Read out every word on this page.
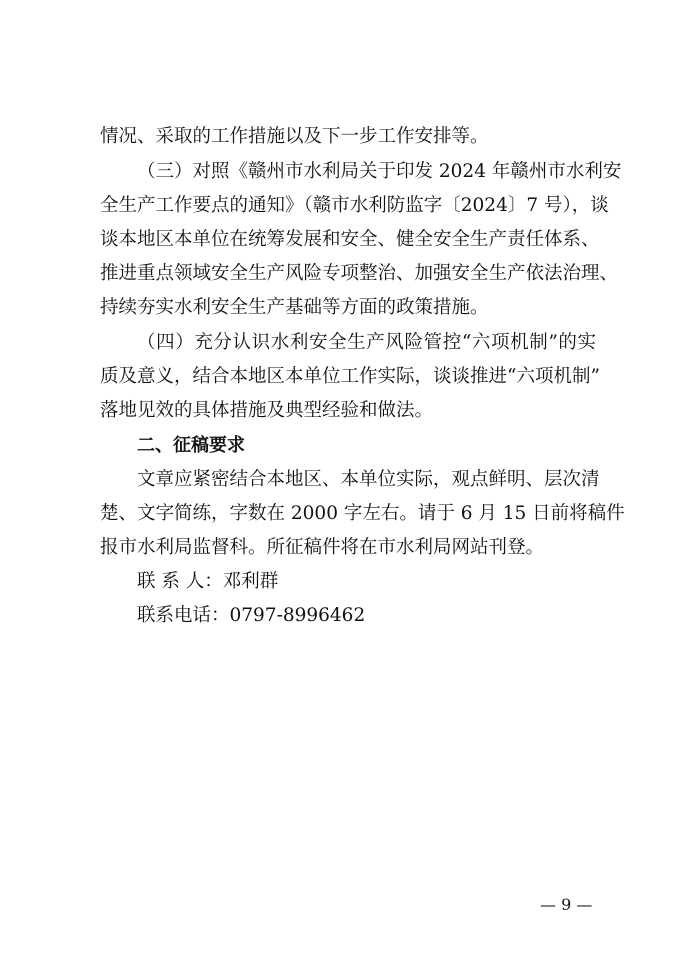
情况、采取的工作措施以及下一步工作安排等。
（三）对照《赣州市水利局关于印发 2024 年赣州市水利安
全生产工作要点的通知》（赣市水利防监字〔2024〕7 号），谈
谈本地区本单位在统筹发展和安全、健全安全生产责任体系、
推进重点领域安全生产风险专项整治、加强安全生产依法治理、
持续夯实水利安全生产基础等方面的政策措施。
（四）充分认识水利安全生产风险管控“六项机制”的实
质及意义，结合本地区本单位工作实际，谈谈推进“六项机制”
落地见效的具体措施及典型经验和做法。
二、征稿要求
文章应紧密结合本地区、本单位实际，观点鲜明、层次清
楚、文字简练，字数在 2000 字左右。请于 6 月 15 日前将稿件
报市水利局监督科。所征稿件将在市水利局网站刊登。
联 系 人：邓利群
联系电话：0797-8996462
— 9 —
